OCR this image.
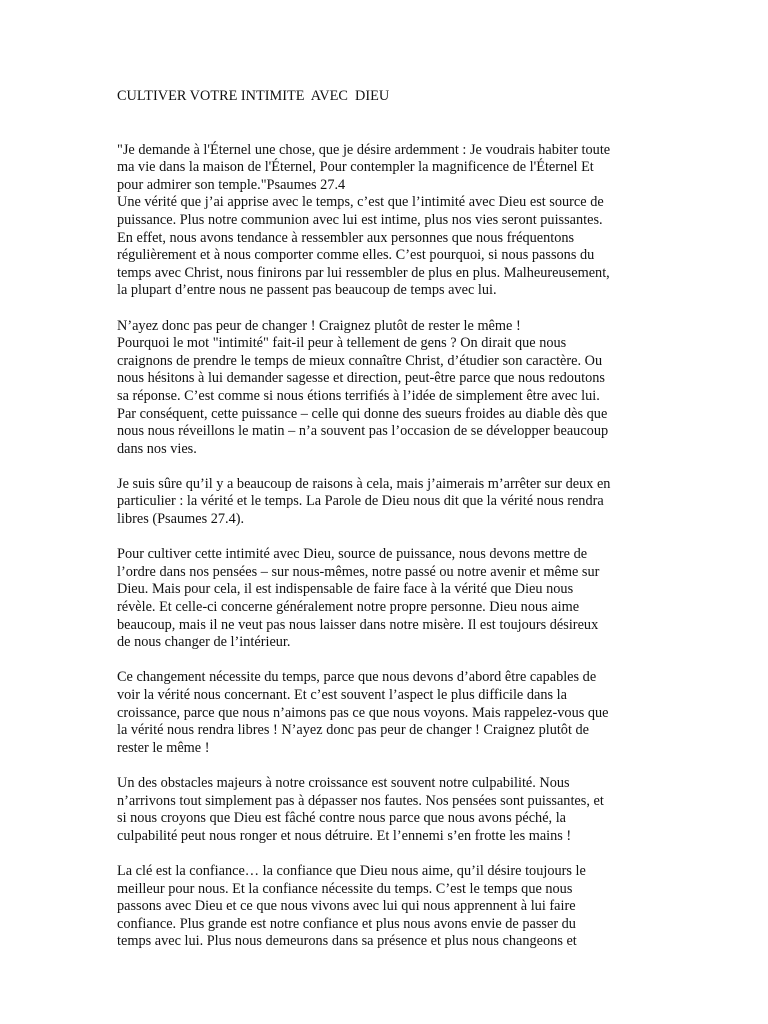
CULTIVER VOTRE INTIMITE  AVEC  DIEU
"Je demande à l'Éternel une chose, que je désire ardemment : Je voudrais habiter toute
ma vie dans la maison de l'Éternel, Pour contempler la magnificence de l'Éternel Et
pour admirer son temple."Psaumes 27.4
Une vérité que j’ai apprise avec le temps, c’est que l’intimité avec Dieu est source de
puissance. Plus notre communion avec lui est intime, plus nos vies seront puissantes.
En effet, nous avons tendance à ressembler aux personnes que nous fréquentons
régulièrement et à nous comporter comme elles. C’est pourquoi, si nous passons du
temps avec Christ, nous finirons par lui ressembler de plus en plus. Malheureusement,
la plupart d’entre nous ne passent pas beaucoup de temps avec lui.
N’ayez donc pas peur de changer ! Craignez plutôt de rester le même !
Pourquoi le mot "intimité" fait-il peur à tellement de gens ? On dirait que nous
craignons de prendre le temps de mieux connaître Christ, d’étudier son caractère. Ou
nous hésitons à lui demander sagesse et direction, peut-être parce que nous redoutons
sa réponse. C’est comme si nous étions terrifiés à l’idée de simplement être avec lui.
Par conséquent, cette puissance – celle qui donne des sueurs froides au diable dès que
nous nous réveillons le matin – n’a souvent pas l’occasion de se développer beaucoup
dans nos vies.
Je suis sûre qu’il y a beaucoup de raisons à cela, mais j’aimerais m’arrêter sur deux en
particulier : la vérité et le temps. La Parole de Dieu nous dit que la vérité nous rendra
libres (Psaumes 27.4).
Pour cultiver cette intimité avec Dieu, source de puissance, nous devons mettre de
l’ordre dans nos pensées – sur nous-mêmes, notre passé ou notre avenir et même sur
Dieu. Mais pour cela, il est indispensable de faire face à la vérité que Dieu nous
révèle. Et celle-ci concerne généralement notre propre personne. Dieu nous aime
beaucoup, mais il ne veut pas nous laisser dans notre misère. Il est toujours désireux
de nous changer de l’intérieur.
Ce changement nécessite du temps, parce que nous devons d’abord être capables de
voir la vérité nous concernant. Et c’est souvent l’aspect le plus difficile dans la
croissance, parce que nous n’aimons pas ce que nous voyons. Mais rappelez-vous que
la vérité nous rendra libres ! N’ayez donc pas peur de changer ! Craignez plutôt de
rester le même !
Un des obstacles majeurs à notre croissance est souvent notre culpabilité. Nous
n’arrivons tout simplement pas à dépasser nos fautes. Nos pensées sont puissantes, et
si nous croyons que Dieu est fâché contre nous parce que nous avons péché, la
culpabilité peut nous ronger et nous détruire. Et l’ennemi s’en frotte les mains !
La clé est la confiance… la confiance que Dieu nous aime, qu’il désire toujours le
meilleur pour nous. Et la confiance nécessite du temps. C’est le temps que nous
passons avec Dieu et ce que nous vivons avec lui qui nous apprennent à lui faire
confiance. Plus grande est notre confiance et plus nous avons envie de passer du
temps avec lui. Plus nous demeurons dans sa présence et plus nous changeons et
